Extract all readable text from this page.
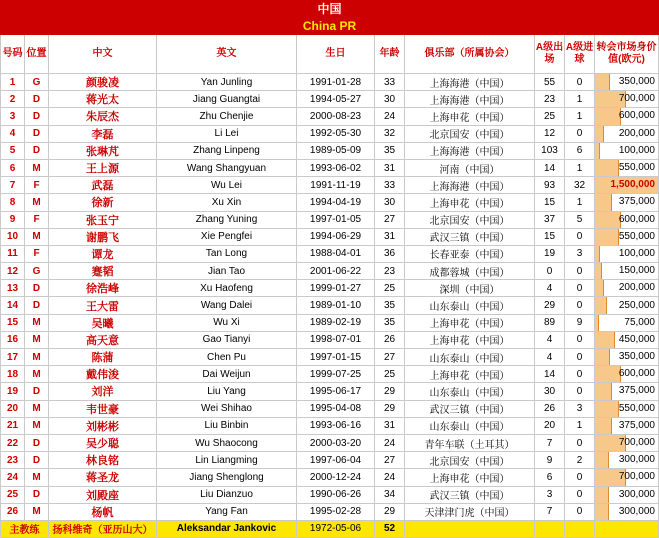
中国									
China PR									
号码	位置	中文	英文	生日	年龄	俱乐部（所属协会）	A级出场	A级进球	转会市场身价值(欧元)
1	G	颜骏凌	Yan Junling	1991-01-28	33	上海海港（中国）	55	0	350,000

2	D	蒋光太	Jiang Guangtai	1994-05-27	30	上海海港（中国）	23	1	700,000

3	D	朱辰杰	Zhu Chenjie	2000-08-23	24	上海申花（中国）	25	1	600,000

4	D	李磊	Li Lei	1992-05-30	32	北京国安（中国）	12	0	200,000

5	D	张琳芃	Zhang Linpeng	1989-05-09	35	上海海港（中国）	103	6	100,000

6	M	王上源	Wang Shangyuan	1993-06-02	31	河南（中国）	14	1	550,000

7	F	武磊	Wu Lei	1991-11-19	33	上海海港（中国）	93	32	1,500,000

8	M	徐新	Xu Xin	1994-04-19	30	上海申花（中国）	15	1	375,000

9	F	张玉宁	Zhang Yuning	1997-01-05	27	北京国安（中国）	37	5	600,000

10	M	谢鹏飞	Xie Pengfei	1994-06-29	31	武汉三镇（中国）	15	0	550,000

11	F	谭龙	Tan Long	1988-04-01	36	长春亚泰（中国）	19	3	100,000

12	G	蹇韬	Jian Tao	2001-06-22	23	成都蓉城（中国）	0	0	150,000

13	D	徐浩峰	Xu Haofeng	1999-01-27	25	深圳（中国）	4	0	200,000

14	D	王大雷	Wang Dalei	1989-01-10	35	山东泰山（中国）	29	0	250,000

15	M	吴曦	Wu Xi	1989-02-19	35	上海申花（中国）	89	9	75,000

16	M	高天意	Gao Tianyi	1998-07-01	26	上海申花（中国）	4	0	450,000

17	M	陈蒲	Chen Pu	1997-01-15	27	山东泰山（中国）	4	0	350,000

18	M	戴伟浚	Dai Weijun	1999-07-25	25	上海申花（中国）	14	0	600,000

19	D	刘洋	Liu Yang	1995-06-17	29	山东泰山（中国）	30	0	375,000

20	M	韦世豪	Wei Shihao	1995-04-08	29	武汉三镇（中国）	26	3	550,000

21	M	刘彬彬	Liu Binbin	1993-06-16	31	山东泰山（中国）	20	1	375,000

22	D	吴少聪	Wu Shaocong	2000-03-20	24	青年车联（土耳其）	7	0	700,000

23	D	林良铭	Lin Liangming	1997-06-04	27	北京国安（中国）	9	2	300,000

24	M	蒋圣龙	Jiang Shenglong	2000-12-24	24	上海申花（中国）	6	0	700,000

25	D	刘殿座	Liu Dianzuo	1990-06-26	34	武汉三镇（中国）	3	0	300,000

26	M	杨帆	Yang Fan	1995-02-28	29	天津津门虎（中国）	7	0	300,000

主教练		扬科维奇（亚历山大）	Aleksandar Jankovic	1972-05-06	52				
